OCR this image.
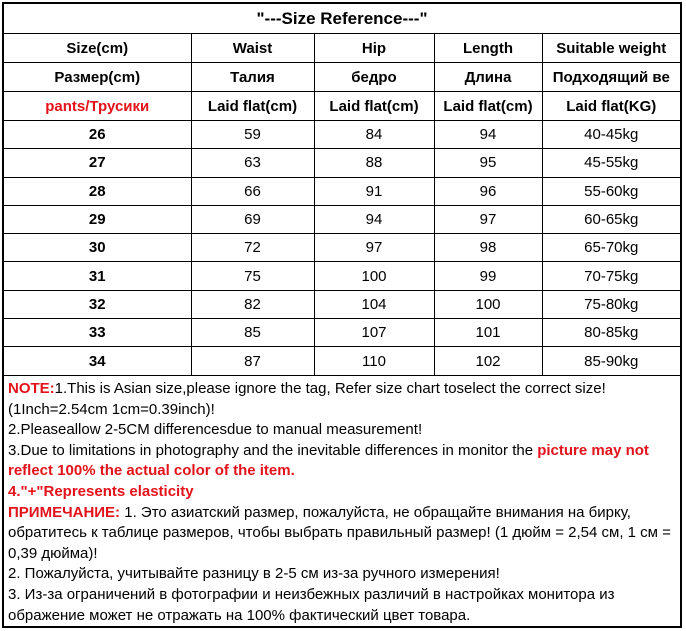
"---Size Reference---"
Size(cm)	Waist	Hip	Length	Suitable weight
Размер(cm)	Талия	бедро	Длина	Подходящий ве
pants/Трусики	Laid flat(cm)	Laid flat(cm)	Laid flat(cm)	Laid flat(KG)
26	59	84	94	40-45kg
27	63	88	95	45-55kg
28	66	91	96	55-60kg
29	69	94	97	60-65kg
30	72	97	98	65-70kg
31	75	100	99	70-75kg
32	82	104	100	75-80kg
33	85	107	101	80-85kg
34	87	110	102	85-90kg

NOTE:1.This is Asian size,please ignore the tag, Refer size chart toselect the correct size!(1Inch=2.54cm 1cm=0.39inch)!

2.Pleaseallow 2-5CM differencesdue to manual measurement!

3.Due to limitations in photography and the inevitable differences in monitor the picture may not reflect 100% the actual color of the item.

4."+"Represents elasticity

ПРИМЕЧАНИЕ: 1. Это азиатский размер, пожалуйста, не обращайте внимания на бирку, обратитесь к таблице размеров, чтобы выбрать правильный размер! (1 дюйм = 2,54 см, 1 см = 0,39 дюйма)!

2. Пожалуйста, учитывайте разницу в 2-5 см из-за ручного измерения!

3. Из-за ограничений в фотографии и неизбежных различий в настройках монитора из ображение может не отражать на 100% фактический цвет товара.
